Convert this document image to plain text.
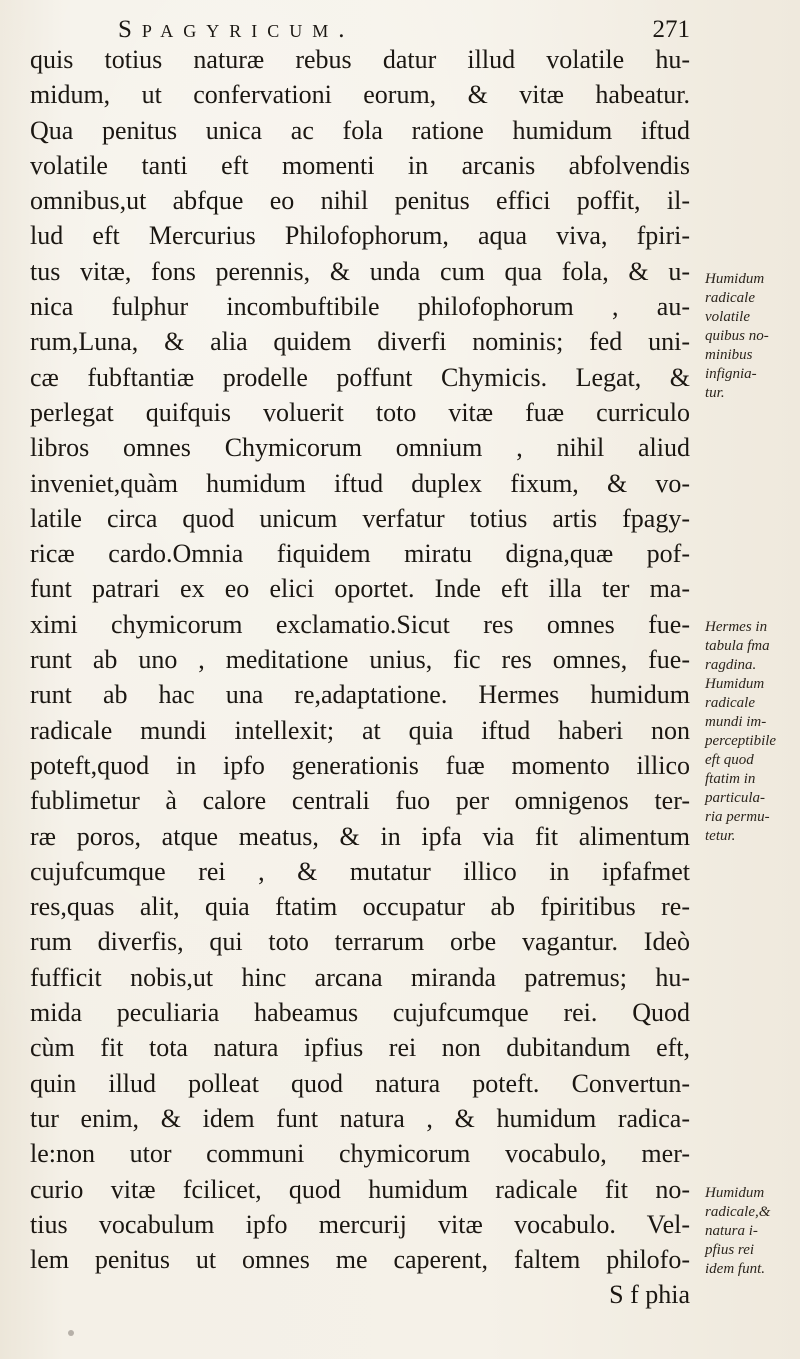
Spagyricum.	271
quis totius naturæ rebus datur illud volatile hu-
midum, ut confervationi eorum, & vitæ habeatur.
Qua penitus unica ac fola ratione humidum iftud
volatile tanti eft momenti in arcanis abfolvendis
omnibus,ut abfque eo nihil penitus effici poffit, il-
lud eft Mercurius Philofophorum, aqua viva, fpiri-
tus vitæ, fons perennis, & unda cum qua fola, & u-
nica fulphur incombuftibile philofophorum , au-
rum,Luna, & alia quidem diverfi nominis; fed uni-
cæ fubftantiæ prodelle poffunt Chymicis. Legat, &
perlegat quifquis voluerit toto vitæ fuæ curriculo
libros omnes Chymicorum omnium , nihil aliud
inveniet,quàm humidum iftud duplex fixum, & vo-
latile circa quod unicum verfatur totius artis fpagy-
ricæ cardo.Omnia fiquidem miratu digna,quæ pof-
funt patrari ex eo elici oportet. Inde eft illa ter ma-
ximi chymicorum exclamatio.Sicut res omnes fue-
runt ab uno , meditatione unius, fic res omnes, fue-
runt ab hac una re,adaptatione. Hermes humidum
radicale mundi intellexit; at quia iftud haberi non
poteft,quod in ipfo generationis fuæ momento illico
fublimetur à calore centrali fuo per omnigenos ter-
ræ poros, atque meatus, & in ipfa via fit alimentum
cujufcumque rei , & mutatur illico in ipfafmet
res,quas alit, quia ftatim occupatur ab fpiritibus re-
rum diverfis, qui toto terrarum orbe vagantur. Ideò
fufficit nobis,ut hinc arcana miranda patremus; hu-
mida peculiaria habeamus cujufcumque rei. Quod
cùm fit tota natura ipfius rei non dubitandum eft,
quin illud polleat quod natura poteft. Convertun-
tur enim, & idem funt natura , & humidum radica-
le:non utor communi chymicorum vocabulo, mer-
curio vitæ fcilicet, quod humidum radicale fit no-
tius vocabulum ipfo mercurij vitæ vocabulo. Vel-
lem penitus ut omnes me caperent, faltem philofo-
S f phia
Humidum
radicale
volatile
quibus no-
minibus
infignia-
tur.
Hermes in
tabula fma
ragdina.
Humidum
radicale
mundi im-
perceptibile
eft quod
ftatim in
particula-
ria permu-
tetur.
Humidum
radicale,&
natura i-
pfius rei
idem funt.
